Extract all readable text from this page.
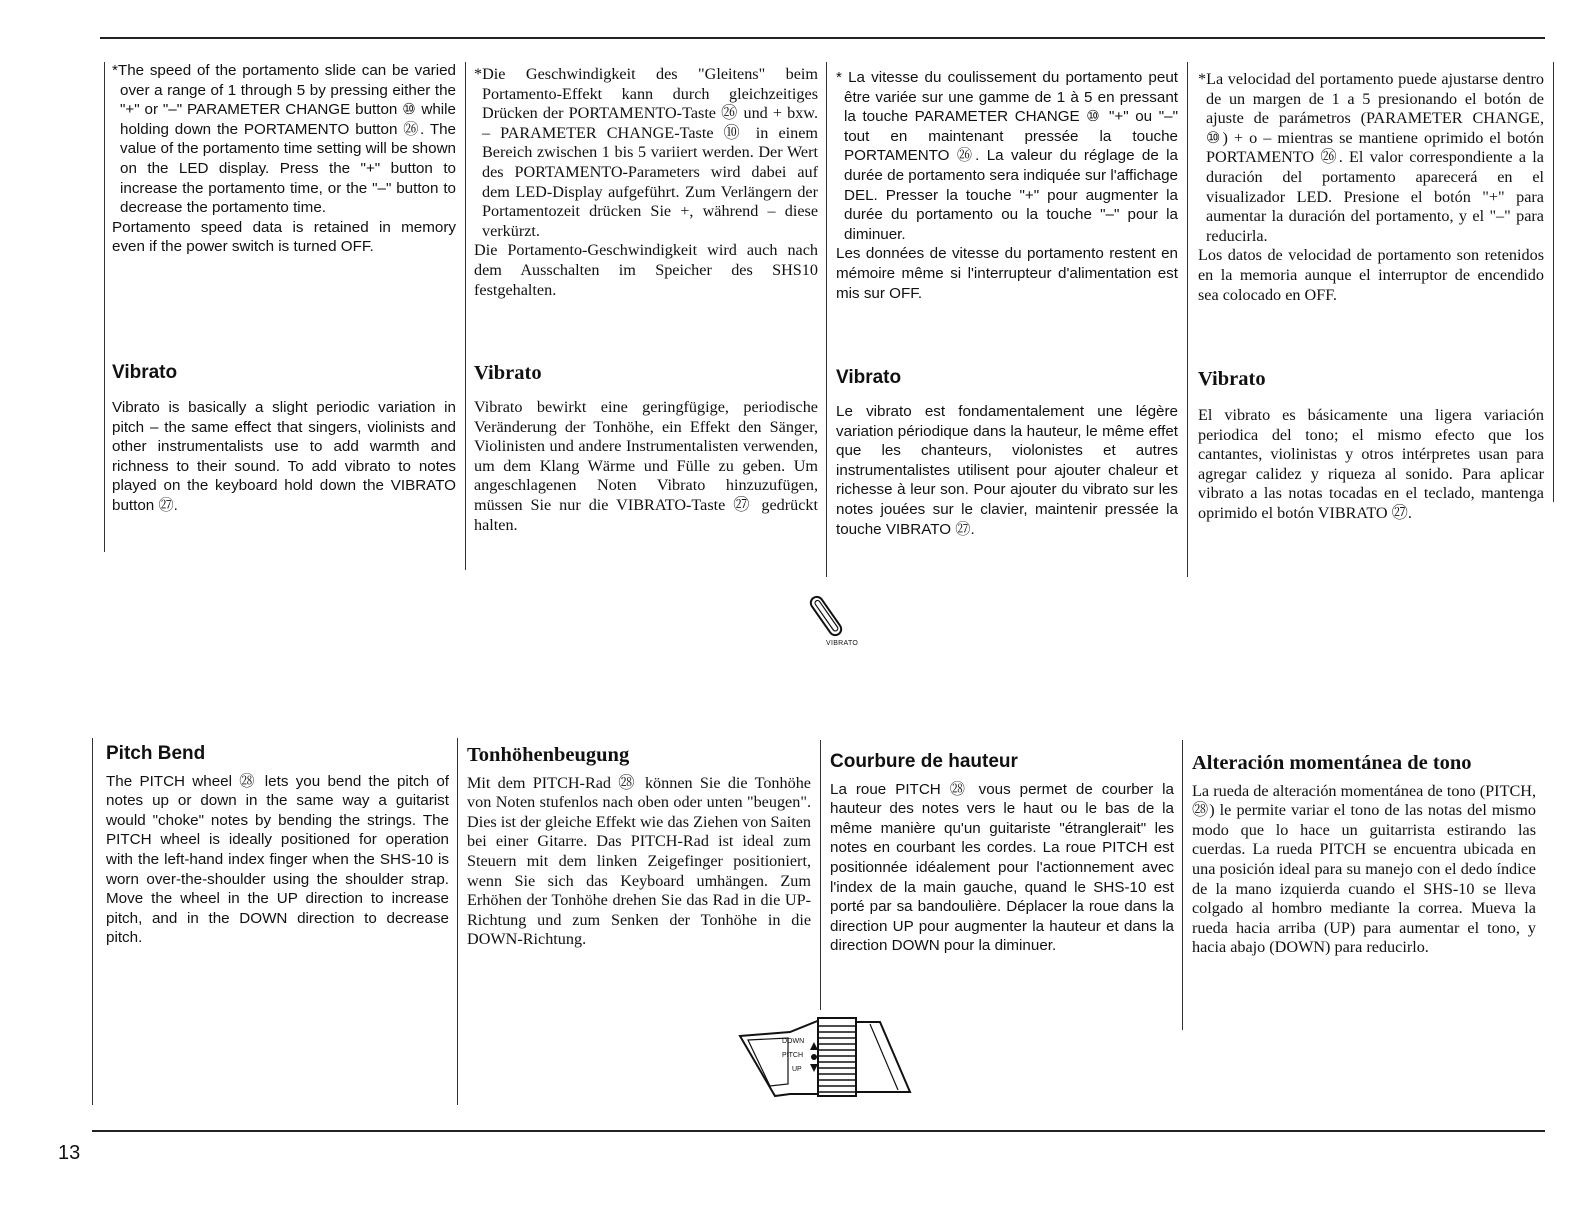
*The speed of the portamento slide can be varied over a range of 1 through 5 by pressing either the "+" or "–" PARAMETER CHANGE button ⑩ while holding down the PORTAMENTO button ㉖. The value of the portamento time setting will be shown on the LED display. Press the "+" button to increase the portamento time, or the "–" button to decrease the portamento time.

Portamento speed data is retained in memory even if the power switch is turned OFF.

Vibrato

Vibrato is basically a slight periodic variation in pitch – the same effect that singers, violinists and other instrumentalists use to add warmth and richness to their sound. To add vibrato to notes played on the keyboard hold down the VIBRATO button ㉗.

*Die Geschwindigkeit des "Gleitens" beim Portamento-Effekt kann durch gleichzeitiges Drücken der PORTAMENTO-Taste ㉖ und + bxw. – PARAMETER CHANGE-Taste ⑩ in einem Bereich zwischen 1 bis 5 variiert werden. Der Wert des PORTAMENTO-Parameters wird dabei auf dem LED-Display aufgeführt. Zum Verlängern der Portamentozeit drücken Sie +, während – diese verkürzt.

Die Portamento-Geschwindigkeit wird auch nach dem Ausschalten im Speicher des SHS10 festgehalten.

Vibrato

Vibrato bewirkt eine geringfügige, periodische Veränderung der Tonhöhe, ein Effekt den Sänger, Violinisten und andere Instrumentalisten verwenden, um dem Klang Wärme und Fülle zu geben. Um angeschlagenen Noten Vibrato hinzuzufügen, müssen Sie nur die VIBRATO-Taste ㉗ gedrückt halten.

* La vitesse du coulissement du portamento peut être variée sur une gamme de 1 à 5 en pressant la touche PARAMETER CHANGE ⑩ "+" ou "–" tout en maintenant pressée la touche PORTAMENTO ㉖. La valeur du réglage de la durée de portamento sera indiquée sur l'affichage DEL. Presser la touche "+" pour augmenter la durée du portamento ou la touche "–" pour la diminuer.

Les données de vitesse du portamento restent en mémoire même si l'interrupteur d'alimentation est mis sur OFF.

Vibrato

Le vibrato est fondamentalement une légère variation périodique dans la hauteur, le même effet que les chanteurs, violonistes et autres instrumentalistes utilisent pour ajouter chaleur et richesse à leur son. Pour ajouter du vibrato sur les notes jouées sur le clavier, maintenir pressée la touche VIBRATO ㉗.

*La velocidad del portamento puede ajustarse dentro de un margen de 1 a 5 presionando el botón de ajuste de parámetros (PARAMETER CHANGE, ⑩) + o – mientras se mantiene oprimido el botón PORTAMENTO ㉖. El valor correspondiente a la duración del portamento aparecerá en el visualizador LED. Presione el botón "+" para aumentar la duración del portamento, y el "–" para reducirla.

Los datos de velocidad de portamento son retenidos en la memoria aunque el interruptor de encendido sea colocado en OFF.

Vibrato

El vibrato es básicamente una ligera variación periodica del tono; el mismo efecto que los cantantes, violinistas y otros intérpretes usan para agregar calidez y riqueza al sonido. Para aplicar vibrato a las notas tocadas en el teclado, mantenga oprimido el botón VIBRATO ㉗.

VIBRATO
Pitch Bend

The PITCH wheel ㉘ lets you bend the pitch of notes up or down in the same way a guitarist would "choke" notes by bending the strings. The PITCH wheel is ideally positioned for operation with the left-hand index finger when the SHS-10 is worn over-the-shoulder using the shoulder strap. Move the wheel in the UP direction to increase pitch, and in the DOWN direction to decrease pitch.

Tonhöhenbeugung

Mit dem PITCH-Rad ㉘ können Sie die Tonhöhe von Noten stufenlos nach oben oder unten "beugen". Dies ist der gleiche Effekt wie das Ziehen von Saiten bei einer Gitarre. Das PITCH-Rad ist ideal zum Steuern mit dem linken Zeigefinger positioniert, wenn Sie sich das Keyboard umhängen. Zum Erhöhen der Tonhöhe drehen Sie das Rad in die UP-Richtung und zum Senken der Tonhöhe in die DOWN-Richtung.

Courbure de hauteur

La roue PITCH ㉘ vous permet de courber la hauteur des notes vers le haut ou le bas de la même manière qu'un guitariste "étranglerait" les notes en courbant les cordes. La roue PITCH est positionnée idéalement pour l'actionnement avec l'index de la main gauche, quand le SHS-10 est porté par sa bandoulière. Déplacer la roue dans la direction UP pour augmenter la hauteur et dans la direction DOWN pour la diminuer.

Alteración momentánea de tono

La rueda de alteración momentánea de tono (PITCH, ㉘) le permite variar el tono de las notas del mismo modo que lo hace un guitarrista estirando las cuerdas. La rueda PITCH se encuentra ubicada en una posición ideal para su manejo con el dedo índice de la mano izquierda cuando el SHS-10 se lleva colgado al hombro mediante la correa. Mueva la rueda hacia arriba (UP) para aumentar el tono, y hacia abajo (DOWN) para reducirlo.

DOWN
PITCH
UP
13
